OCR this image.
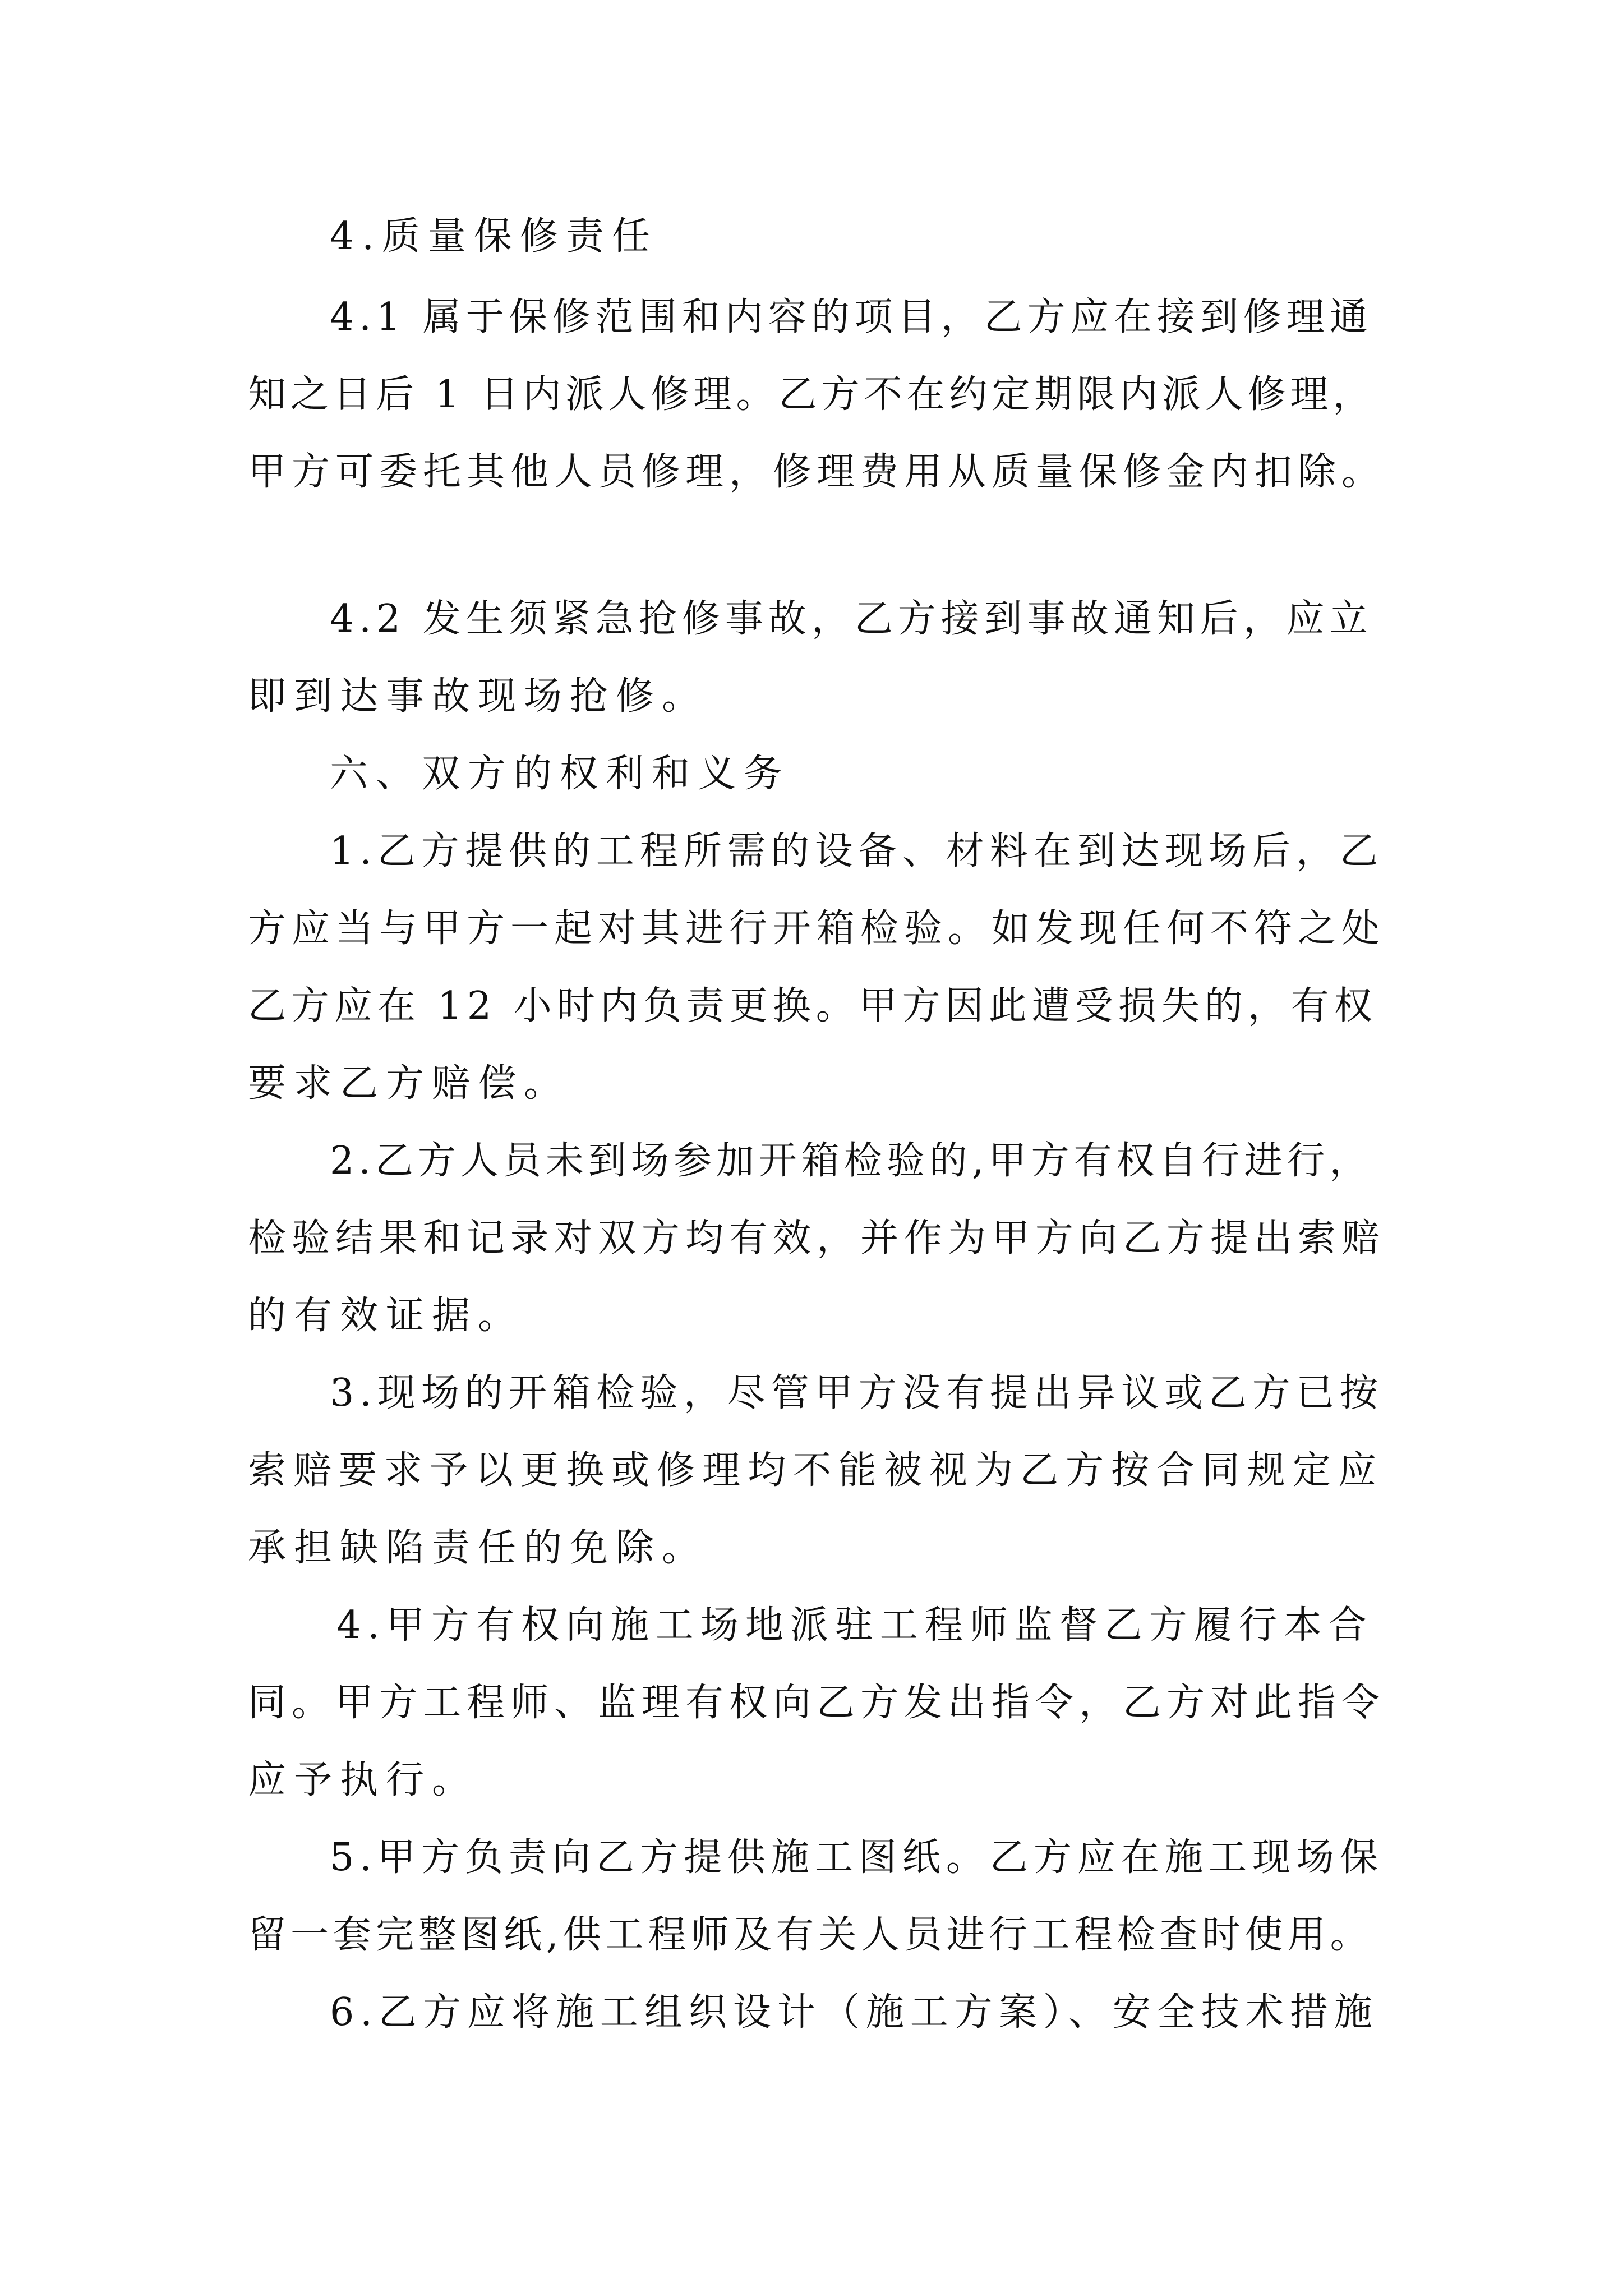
4.质量保修责任

4.1 属于保修范围和内容的项目，乙方应在接到修理通

知之日后 1 日内派人修理。乙方不在约定期限内派人修理，

甲方可委托其他人员修理，修理费用从质量保修金内扣除。

4.2 发生须紧急抢修事故，乙方接到事故通知后，应立

即到达事故现场抢修。

六、双方的权利和义务

1.乙方提供的工程所需的设备、材料在到达现场后，乙

方应当与甲方一起对其进行开箱检验。如发现任何不符之处

乙方应在 12 小时内负责更换。甲方因此遭受损失的，有权

要求乙方赔偿。

2.乙方人员未到场参加开箱检验的,甲方有权自行进行，

检验结果和记录对双方均有效，并作为甲方向乙方提出索赔

的有效证据。

3.现场的开箱检验，尽管甲方没有提出异议或乙方已按

索赔要求予以更换或修理均不能被视为乙方按合同规定应

承担缺陷责任的免除。

4.甲方有权向施工场地派驻工程师监督乙方履行本合

同。甲方工程师、监理有权向乙方发出指令，乙方对此指令

应予执行。

5.甲方负责向乙方提供施工图纸。乙方应在施工现场保

留一套完整图纸,供工程师及有关人员进行工程检查时使用。

6.乙方应将施工组织设计（施工方案）、安全技术措施
